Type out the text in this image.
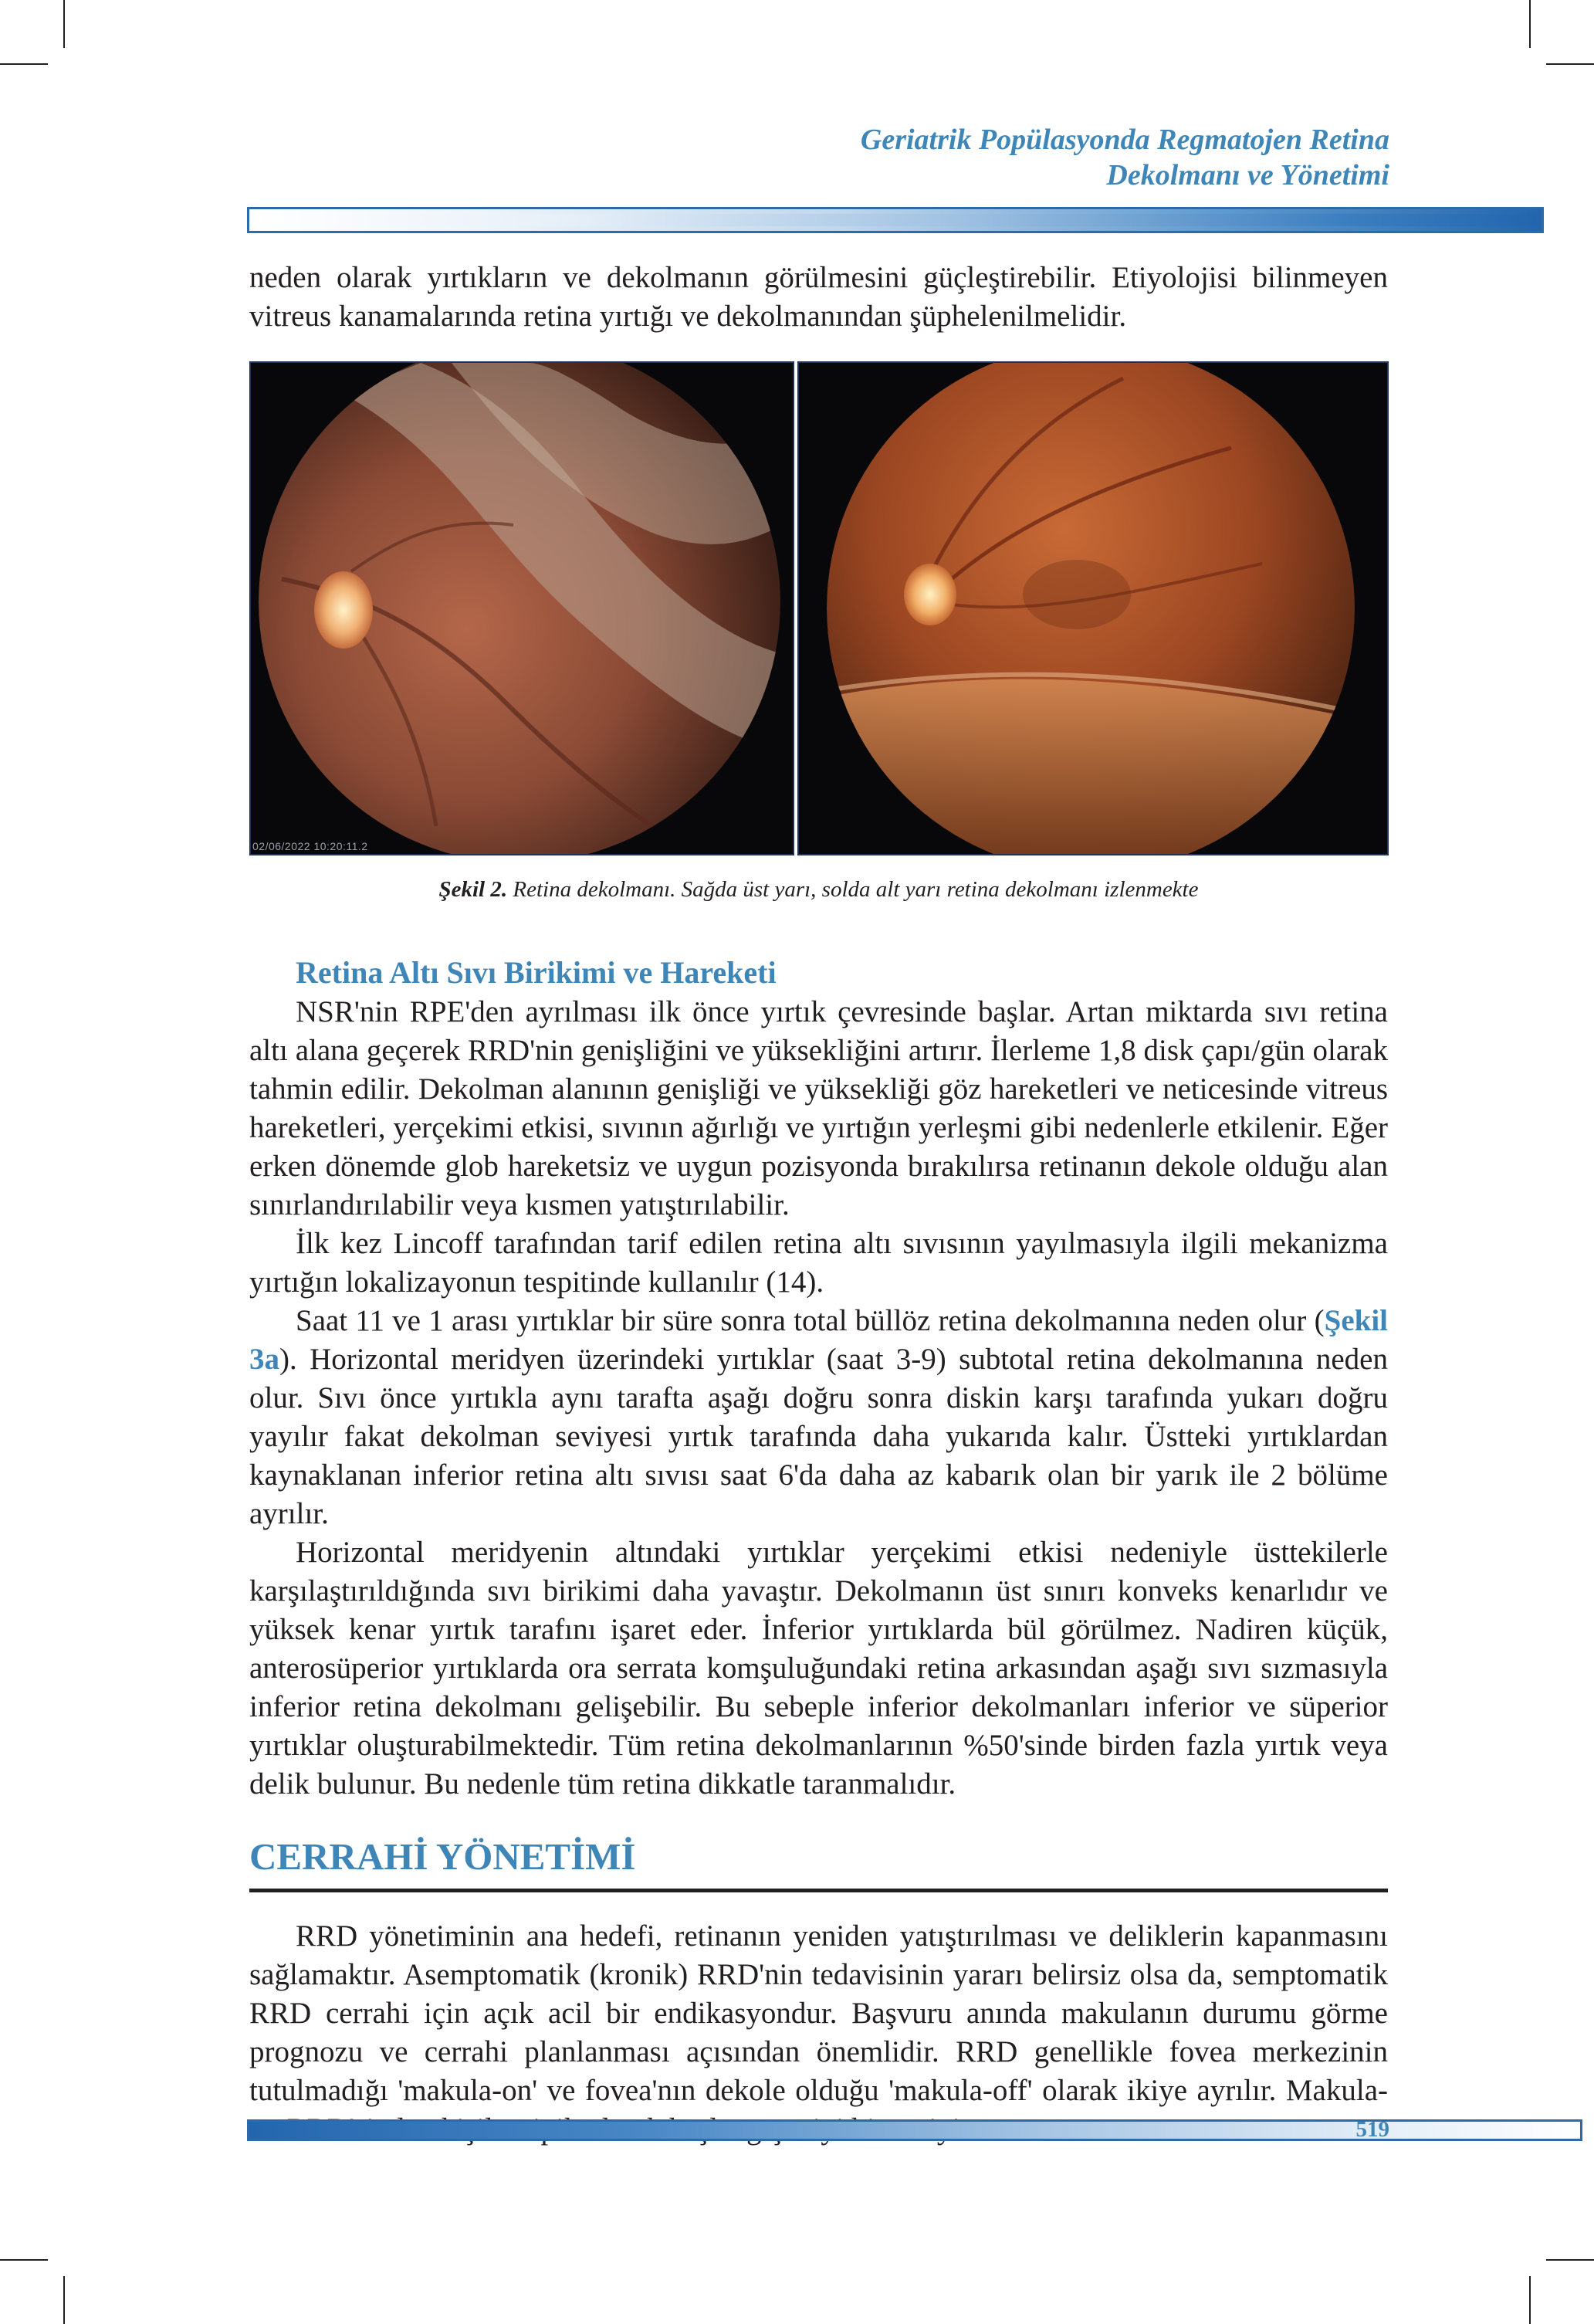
Geriatrik Popülasyonda Regmatojen Retina
Dekolmanı ve Yönetimi

neden olarak yırtıkların ve dekolmanın görülmesini güçleştirebilir. Etiyolojisi bilinmeyen vitreus kanamalarında retina yırtığı ve dekolmanından şüphelenilmelidir.

02/06/2022 10:20:11.2
Şekil 2. Retina dekolmanı. Sağda üst yarı, solda alt yarı retina dekolmanı izlenmekte
Retina Altı Sıvı Birikimi ve Hareketi

NSR'nin RPE'den ayrılması ilk önce yırtık çevresinde başlar. Artan miktarda sıvı retina altı alana geçerek RRD'nin genişliğini ve yüksekliğini artırır. İlerleme 1,8 disk çapı/gün olarak tahmin edilir. Dekolman alanının genişliği ve yüksekliği göz hareketleri ve neticesinde vitreus hareketleri, yerçekimi etkisi, sıvının ağırlığı ve yırtığın yerleşmi gibi nedenlerle etkilenir. Eğer erken dönemde glob hareketsiz ve uygun pozisyonda bırakılırsa retinanın dekole olduğu alan sınırlandırılabilir veya kısmen yatıştırılabilir.

İlk kez Lincoff tarafından tarif edilen retina altı sıvısının yayılmasıyla ilgili mekanizma yırtığın lokalizayonun tespitinde kullanılır (14).

Saat 11 ve 1 arası yırtıklar bir süre sonra total büllöz retina dekolmanına neden olur (Şekil 3a). Horizontal meridyen üzerindeki yırtıklar (saat 3-9) subtotal retina dekolmanına neden olur. Sıvı önce yırtıkla aynı tarafta aşağı doğru sonra diskin karşı tarafında yukarı doğru yayılır fakat dekolman seviyesi yırtık tarafında daha yukarıda kalır. Üstteki yırtıklardan kaynaklanan inferior retina altı sıvısı saat 6'da daha az kabarık olan bir yarık ile 2 bölüme ayrılır.

Horizontal meridyenin altındaki yırtıklar yerçekimi etkisi nedeniyle üsttekilerle karşılaştırıldığında sıvı birikimi daha yavaştır. Dekolmanın üst sınırı konveks kenarlıdır ve yüksek kenar yırtık tarafını işaret eder. İnferior yırtıklarda bül görülmez. Nadiren küçük, anterosüperior yırtıklarda ora serrata komşuluğundaki retina arkasından aşağı sıvı sızmasıyla inferior retina dekolmanı gelişebilir. Bu sebeple inferior dekolmanları inferior ve süperior yırtıklar oluşturabilmektedir. Tüm retina dekolmanlarının %50'sinde birden fazla yırtık veya delik bulunur. Bu nedenle tüm retina dikkatle taranmalıdır.

CERRAHİ YÖNETİMİ

RRD yönetiminin ana hedefi, retinanın yeniden yatıştırılması ve deliklerin kapanmasını sağlamaktır. Asemptomatik (kronik) RRD'nin tedavisinin yararı belirsiz olsa da, semptomatik RRD cerrahi için açık acil bir endikasyondur. Başvuru anında makulanın durumu görme prognozu ve cerrahi planlanması açısından önemlidir. RRD genellikle fovea merkezinin tutulmadığı 'makula-on' ve fovea'nın dekole olduğu 'makula-off' olarak ikiye ayrılır. Makula-

519
